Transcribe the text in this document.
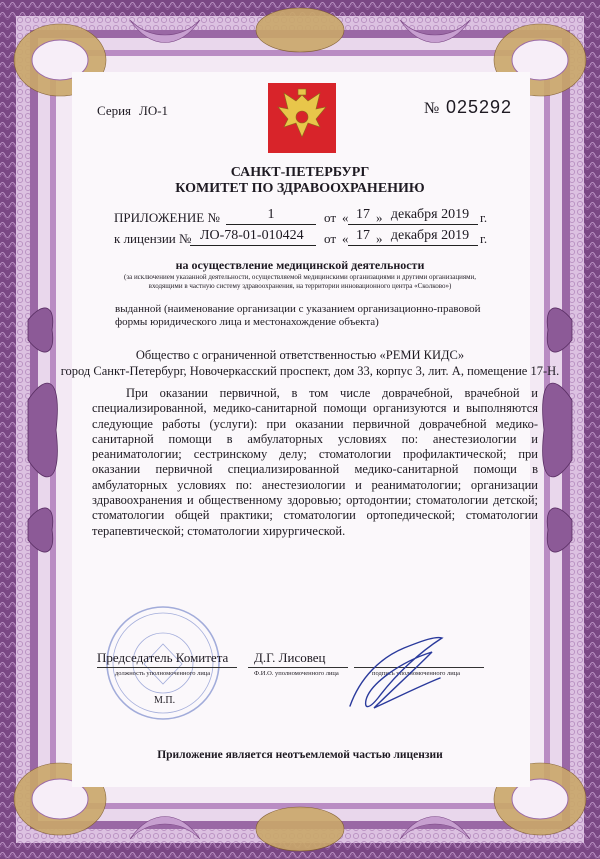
Серия ЛО-1	№ 025292
САНКТ-ПЕТЕРБУРГ
КОМИТЕТ ПО ЗДРАВООХРАНЕНИЮ
ПРИЛОЖЕНИЕ №	1	от « 17 » декабря 2019 г.
к лицензии № ЛО-78-01-010424 от « 17 » декабря 2019 г.
на осуществление медицинской деятельности
(за исключением указанной деятельности, осуществляемой медицинскими организациями и другими организациями, входящими в частную систему здравоохранения, на территории инновационного центра «Сколково»)
выданной (наименование организации с указанием организационно-правовой формы юридического лица и местонахождение объекта)
Общество с ограниченной ответственностью «РЕМИ КИДС»
город Санкт-Петербург, Новочеркасский проспект, дом 33, корпус 3, лит. А, помещение 17-Н.
При оказании первичной, в том числе доврачебной, врачебной и специализированной, медико-санитарной помощи организуются и выполняются следующие работы (услуги): при оказании первичной доврачебной медико-санитарной помощи в амбулаторных условиях по: анестезиологии и реаниматологии; сестринскому делу; стоматологии профилактической; при оказании первичной специализированной медико-санитарной помощи в амбулаторных условиях по: анестезиологии и реаниматологии; организации здравоохранения и общественному здоровью; ортодонтии; стоматологии детской; стоматологии общей практики; стоматологии ортопедической; стоматологии терапевтической; стоматологии хирургической.
Председатель Комитета Д.Г. Лисовец
должность уполномоченного лица	Ф.И.О. уполномоченного лица	подпись уполномоченного лица
М.П.
Приложение является неотъемлемой частью лицензии
